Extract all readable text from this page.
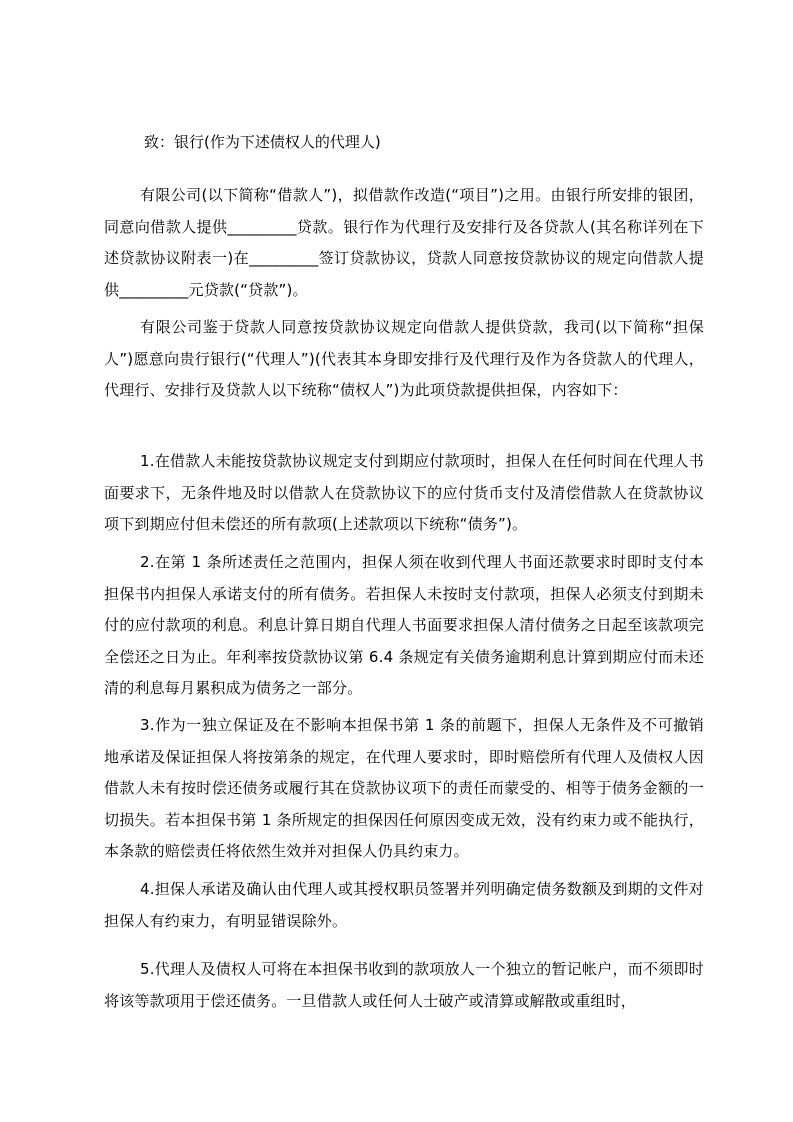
致：银行(作为下述债权人的代理人)
有限公司(以下简称“借款人”)，拟借款作改造(“项目”)之用。由银行所安排的银团，同意向借款人提供_________贷款。银行作为代理行及安排行及各贷款人(其名称详列在下述贷款协议附表一)在_________签订贷款协议，贷款人同意按贷款协议的规定向借款人提供_________元贷款(“贷款”)。
有限公司鉴于贷款人同意按贷款协议规定向借款人提供贷款，我司(以下简称“担保人”)愿意向贵行银行(“代理人”)(代表其本身即安排行及代理行及作为各贷款人的代理人，代理行、安排行及贷款人以下统称“债权人”)为此项贷款提供担保，内容如下：
1.在借款人未能按贷款协议规定支付到期应付款项时，担保人在任何时间在代理人书面要求下，无条件地及时以借款人在贷款协议下的应付货币支付及清偿借款人在贷款协议项下到期应付但未偿还的所有款项(上述款项以下统称“债务”)。
2.在第 1 条所述责任之范围内，担保人须在收到代理人书面还款要求时即时支付本担保书内担保人承诺支付的所有债务。若担保人未按时支付款项，担保人必须支付到期未付的应付款项的利息。利息计算日期自代理人书面要求担保人清付债务之日起至该款项完全偿还之日为止。年利率按贷款协议第 6.4 条规定有关债务逾期利息计算到期应付而未还清的利息每月累积成为债务之一部分。
3.作为一独立保证及在不影响本担保书第 1 条的前题下，担保人无条件及不可撤销地承诺及保证担保人将按第条的规定，在代理人要求时，即时赔偿所有代理人及债权人因借款人未有按时偿还债务或履行其在贷款协议项下的责任而蒙受的、相等于债务金额的一切损失。若本担保书第 1 条所规定的担保因任何原因变成无效，没有约束力或不能执行，本条款的赔偿责任将依然生效并对担保人仍具约束力。
4.担保人承诺及确认由代理人或其授权职员签署并列明确定债务数额及到期的文件对担保人有约束力，有明显错误除外。
5.代理人及债权人可将在本担保书收到的款项放人一个独立的暂记帐户，而不须即时将该等款项用于偿还债务。一旦借款人或任何人士破产或清算或解散或重组时，
